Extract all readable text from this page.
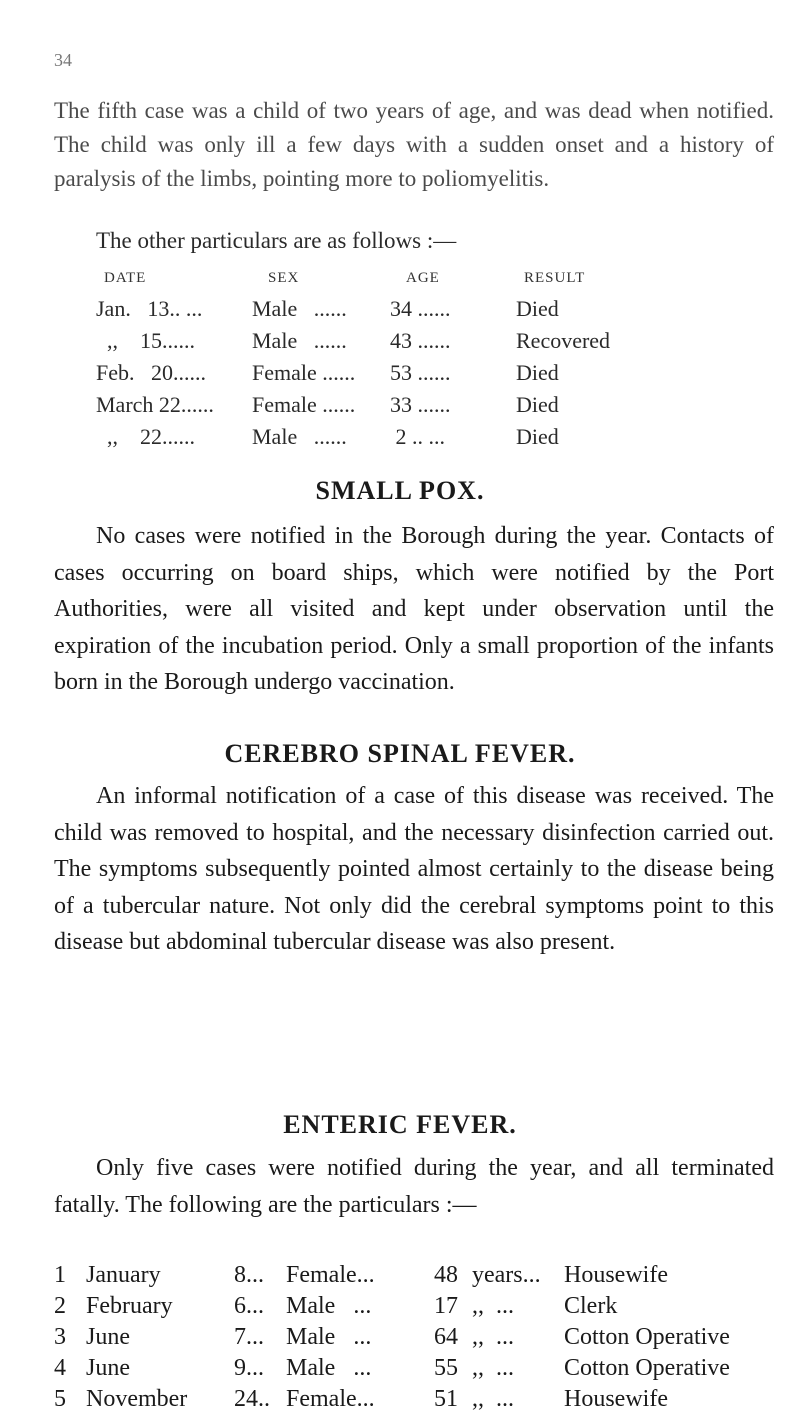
34

The fifth case was a child of two years of age, and was dead when notified. The child was only ill a few days with a sudden onset and a history of paralysis of the limbs, pointing more to poliomyelitis.

The other particulars are as follows :—

DATE	SEX	AGE	RESULT
Jan.   13.. ... Male   ...... 34 ......	Died
,,    15......	Male   ...... 43 ......	Recovered
Feb.   20...... Female ...... 53 ......	Died
March 22...... Female ...... 33 ......	Died
,,    22......	Male   ...... 2 .. ...	Died
SMALL POX.

No cases were notified in the Borough during the year. Contacts of cases occurring on board ships, which were notified by the Port Authorities, were all visited and kept under observation until the expiration of the incubation period. Only a small proportion of the infants born in the Borough undergo vaccination.

CEREBRO SPINAL FEVER.

An informal notification of a case of this disease was received. The child was removed to hospital, and the necessary disinfection carried out. The symptoms subsequently pointed almost certainly to the disease being of a tubercular nature. Not only did the cerebral symptoms point to this disease but abdominal tubercular disease was also present.

ENTERIC FEVER.

Only five cases were notified during the year, and all terminated fatally. The following are the particulars :—

1 January	8... Female... 48 years... Housewife
2 February	6... Male   ...	17 ,,  ... Clerk
3 June	7... Male   ...	64 ,,  ... Cotton Operative
4 June	9... Male   ...	55 ,,  ... Cotton Operative
5 November 24.. Female... 51 ,,  ... Housewife
